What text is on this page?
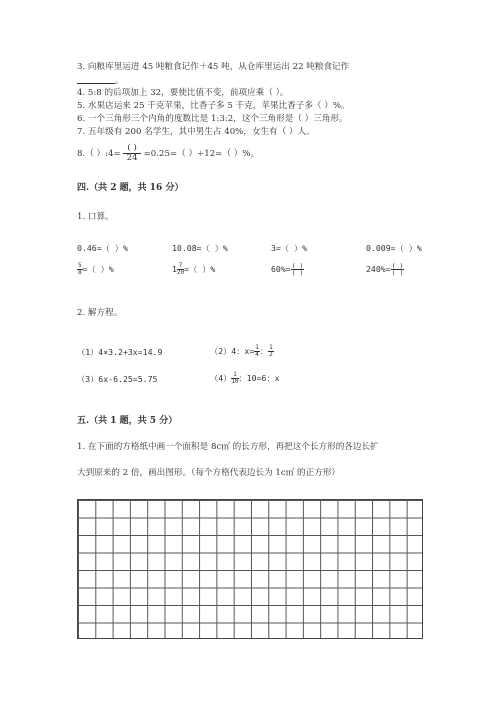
3. 向粮库里运进 45 吨粮食记作＋45 吨，从仓库里运出 22 吨粮食记作
。
4. 5:8 的后项加上 32，要使比值不变，前项应乘（ ）。
5. 水果店运来 25 千克苹果，比香子多 5 千克，苹果比香子多（ ）%。
6. 一个三角形三个内角的度数比是 1:3:2，这个三角形是（ ）三角形。
7. 五年级有 200 名学生，其中男生占 40%，女生有（ ）人。
8.（ ）:4= $\frac{( )}{24} =0.25=$（ ）÷12=（ ）%。
四.（共 2 题，共 16 分）
1. 口算。
0.46=（ ）%	10.08=（ ）%	3=（ ）%	0.009=（ ）%
$\frac{5}{8}$ =（ ）%	$1 \frac{7}{20}$ =（ ）%	$60\%= \frac{( )}{( )}$	$240\%= \frac{( )}{( )}$
2. 解方程。
（1）4×3.2+3x=14.9	（2）4：$x= \frac{1}{4}$ ： $\frac{1}{2}$
（3）6x-6.25=5.75	$(4) \frac{1}{10}$ ：10=6：x
五.（共 1 题，共 5 分）
1. 在下面的方格纸中画一个面积是 8c㎡ 的长方形，再把这个长方形的各边长扩
大到原来的 2 倍，画出图形。（每个方格代表边长为 1c㎡ 的正方形）
